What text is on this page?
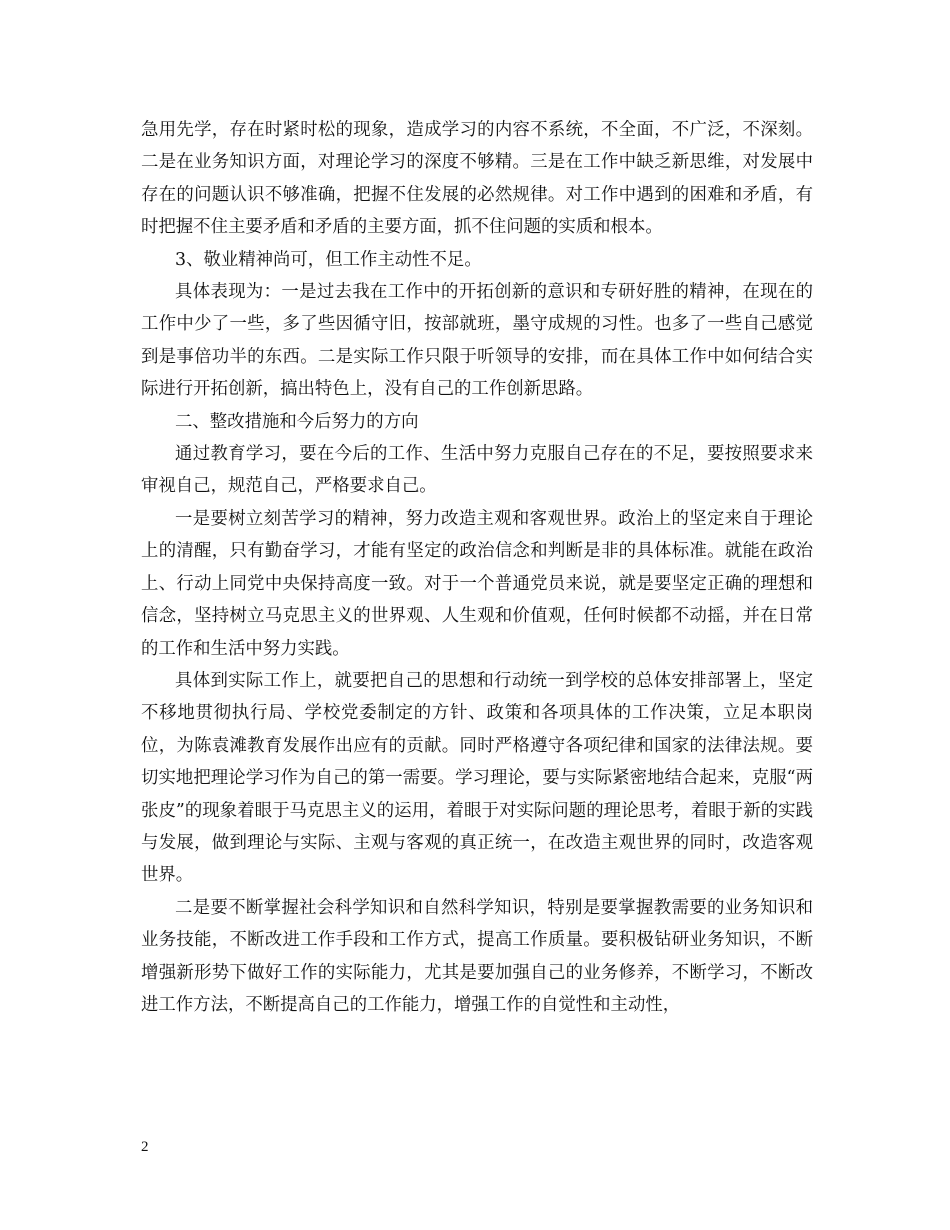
急用先学，存在时紧时松的现象，造成学习的内容不系统，不全面，不广泛，不深刻。二是在业务知识方面，对理论学习的深度不够精。三是在工作中缺乏新思维，对发展中存在的问题认识不够准确，把握不住发展的必然规律。对工作中遇到的困难和矛盾，有时把握不住主要矛盾和矛盾的主要方面，抓不住问题的实质和根本。

3、敬业精神尚可，但工作主动性不足。

具体表现为：一是过去我在工作中的开拓创新的意识和专研好胜的精神，在现在的工作中少了一些，多了些因循守旧，按部就班，墨守成规的习性。也多了一些自己感觉到是事倍功半的东西。二是实际工作只限于听领导的安排，而在具体工作中如何结合实际进行开拓创新，搞出特色上，没有自己的工作创新思路。

二、整改措施和今后努力的方向

通过教育学习，要在今后的工作、生活中努力克服自己存在的不足，要按照要求来审视自己，规范自己，严格要求自己。

一是要树立刻苦学习的精神，努力改造主观和客观世界。政治上的坚定来自于理论上的清醒，只有勤奋学习，才能有坚定的政治信念和判断是非的具体标准。就能在政治上、行动上同党中央保持高度一致。对于一个普通党员来说，就是要坚定正确的理想和信念，坚持树立马克思主义的世界观、人生观和价值观，任何时候都不动摇，并在日常的工作和生活中努力实践。

具体到实际工作上，就要把自己的思想和行动统一到学校的总体安排部署上，坚定不移地贯彻执行局、学校党委制定的方针、政策和各项具体的工作决策，立足本职岗位，为陈袁滩教育发展作出应有的贡献。同时严格遵守各项纪律和国家的法律法规。要切实地把理论学习作为自己的第一需要。学习理论，要与实际紧密地结合起来，克服“两张皮”的现象着眼于马克思主义的运用，着眼于对实际问题的理论思考，着眼于新的实践与发展，做到理论与实际、主观与客观的真正统一，在改造主观世界的同时，改造客观世界。

二是要不断掌握社会科学知识和自然科学知识，特别是要掌握教需要的业务知识和业务技能，不断改进工作手段和工作方式，提高工作质量。要积极钻研业务知识，不断增强新形势下做好工作的实际能力，尤其是要加强自己的业务修养，不断学习，不断改进工作方法，不断提高自己的工作能力，增强工作的自觉性和主动性，

2
